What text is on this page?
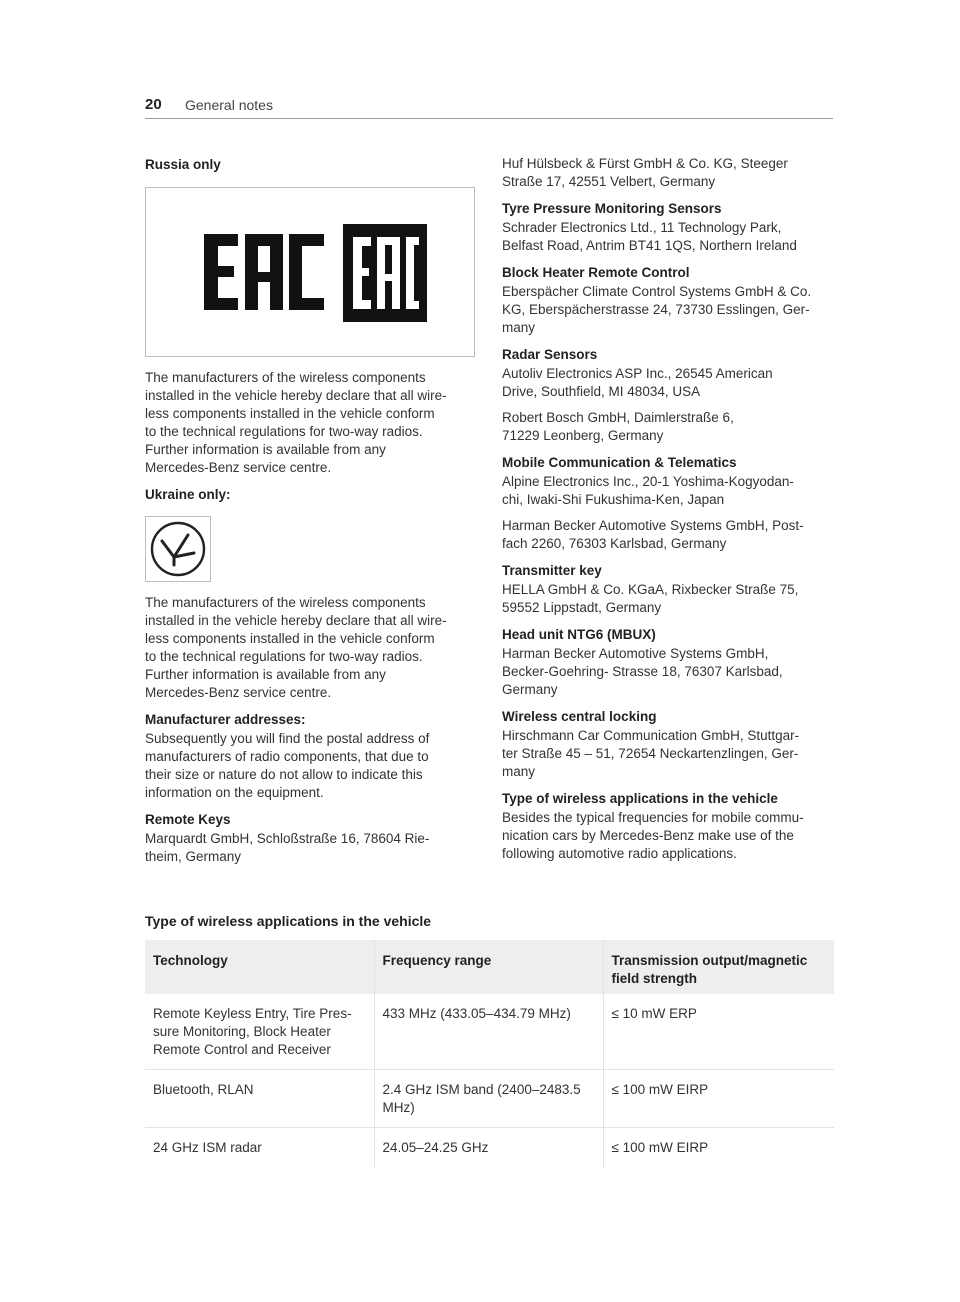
20 General notes
Russia only

The manufacturers of the wireless components

installed in the vehicle hereby declare that all wire-

less components installed in the vehicle conform

to the technical regulations for two-way radios.

Further information is available from any

Mercedes-Benz service centre.

Ukraine only:

The manufacturers of the wireless components

installed in the vehicle hereby declare that all wire-

less components installed in the vehicle conform

to the technical regulations for two-way radios.

Further information is available from any

Mercedes-Benz service centre.

Manufacturer addresses:

Subsequently you will find the postal address of

manufacturers of radio components, that due to

their size or nature do not allow to indicate this

information on the equipment.

Remote Keys

Marquardt GmbH, Schloßstraße 16, 78604 Rie-

theim, Germany

Huf Hülsbeck & Fürst GmbH & Co. KG, Steeger

Straße 17, 42551 Velbert, Germany

Tyre Pressure Monitoring Sensors

Schrader Electronics Ltd., 11 Technology Park,

Belfast Road, Antrim BT41 1QS, Northern Ireland

Block Heater Remote Control

Eberspächer Climate Control Systems GmbH & Co.

KG, Eberspächerstrasse 24, 73730 Esslingen, Ger-

many

Radar Sensors

Autoliv Electronics ASP Inc., 26545 American

Drive, Southfield, MI 48034, USA

Robert Bosch GmbH, Daimlerstraße 6,

71229 Leonberg, Germany

Mobile Communication & Telematics

Alpine Electronics Inc., 20-1 Yoshima-Kogyodan-

chi, Iwaki-Shi Fukushima-Ken, Japan

Harman Becker Automotive Systems GmbH, Post-

fach 2260, 76303 Karlsbad, Germany

Transmitter key

HELLA GmbH & Co. KGaA, Rixbecker Straße 75,

59552 Lippstadt, Germany

Head unit NTG6 (MBUX)

Harman Becker Automotive Systems GmbH,

Becker-Goehring- Strasse 18, 76307 Karlsbad,

Germany

Wireless central locking

Hirschmann Car Communication GmbH, Stuttgar-

ter Straße 45 – 51, 72654 Neckartenzlingen, Ger-

many

Type of wireless applications in the vehicle

Besides the typical frequencies for mobile commu-

nication cars by Mercedes-Benz make use of the

following automotive radio applications.

Type of wireless applications in the vehicle
Technology	Frequency range	Transmission output/magnetic field strength
Remote Keyless Entry, Tire Pres-sure Monitoring, Block Heater Remote Control and Receiver	433 MHz (433.05–434.79 MHz)	≤ 10 mW ERP
Bluetooth, RLAN	2.4 GHz ISM band (2400–2483.5 MHz)	≤ 100 mW EIRP
24 GHz ISM radar	24.05–24.25 GHz	≤ 100 mW EIRP
